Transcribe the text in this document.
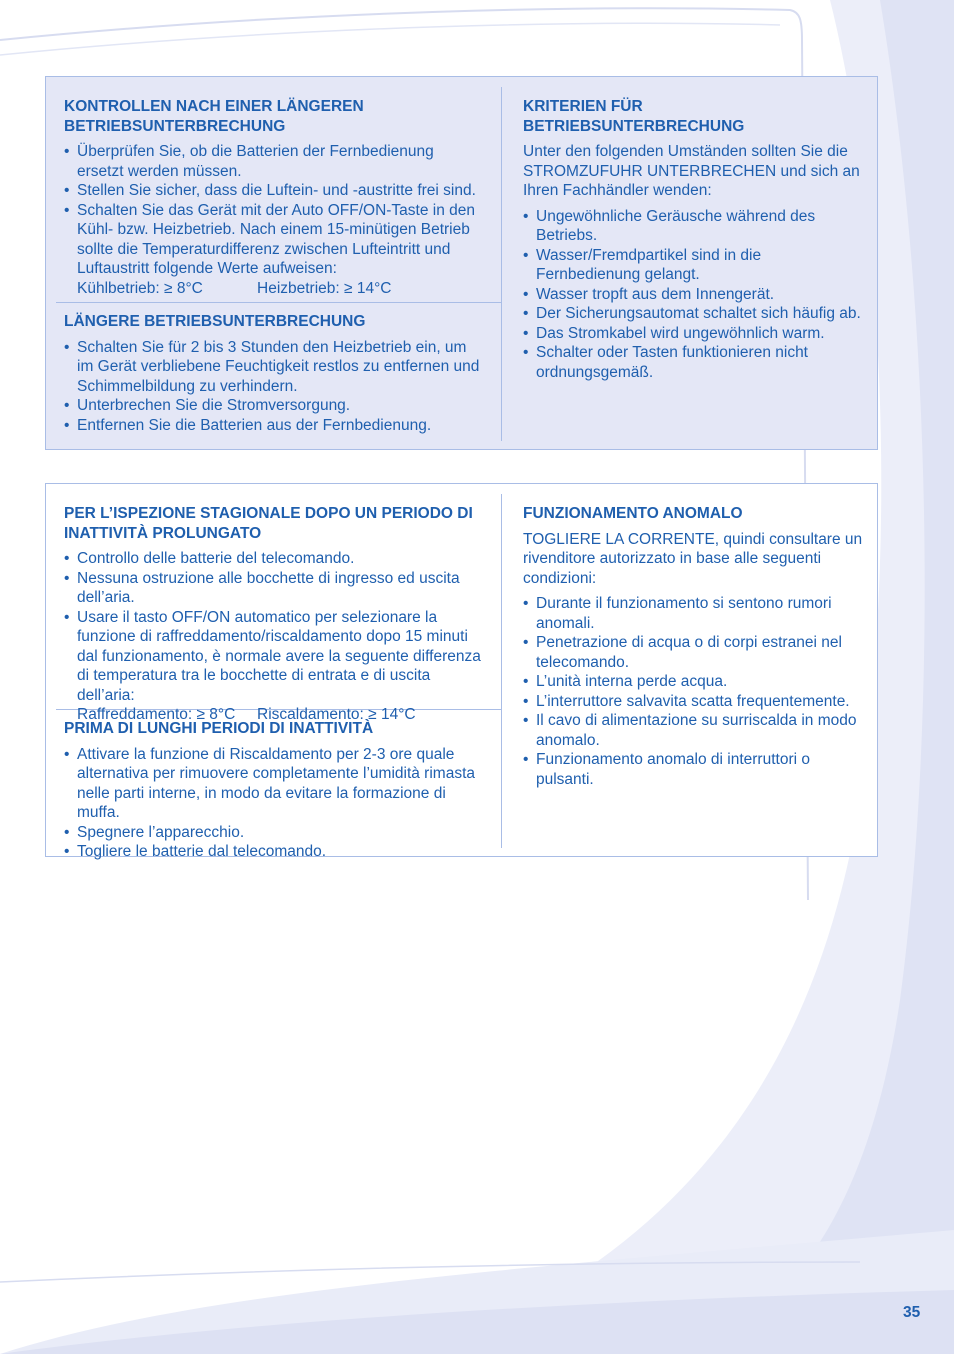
KONTROLLEN NACH EINER LÄNGEREN BETRIEBSUNTERBRECHUNG
• Überprüfen Sie, ob die Batterien der Fernbedienung ersetzt werden müssen.
• Stellen Sie sicher, dass die Luftein- und -austritte frei sind.
• Schalten Sie das Gerät mit der Auto OFF/ON-Taste in den Kühl- bzw. Heizbetrieb. Nach einem 15-minütigen Betrieb sollte die Temperaturdifferenz zwischen Lufteintritt und Luftaustritt folgende Werte aufweisen:
Kühlbetrieb: ≥ 8°C	Heizbetrieb: ≥ 14°C
LÄNGERE BETRIEBSUNTERBRECHUNG
• Schalten Sie für 2 bis 3 Stunden den Heizbetrieb ein, um im Gerät verbliebene Feuchtigkeit restlos zu entfernen und Schimmelbildung zu verhindern.
• Unterbrechen Sie die Stromversorgung.
• Entfernen Sie die Batterien aus der Fernbedienung.
KRITERIEN FÜR BETRIEBSUNTERBRECHUNG
Unter den folgenden Umständen sollten Sie die STROMZUFUHR UNTERBRECHEN und sich an Ihren Fachhändler wenden:
• Ungewöhnliche Geräusche während des Betriebs.
• Wasser/Fremdpartikel sind in die Fernbedienung gelangt.
• Wasser tropft aus dem Innengerät.
• Der Sicherungsautomat schaltet sich häufig ab.
• Das Stromkabel wird ungewöhnlich warm.
• Schalter oder Tasten funktionieren nicht ordnungsgemäß.
PER L’ISPEZIONE STAGIONALE DOPO UN PERIODO DI INATTIVITÀ PROLUNGATO
• Controllo delle batterie del telecomando.
• Nessuna ostruzione alle bocchette di ingresso ed uscita dell’aria.
• Usare il tasto OFF/ON automatico per selezionare la funzione di raffreddamento/riscaldamento dopo 15 minuti dal funzionamento, è normale avere la seguente differenza di temperatura tra le bocchette di entrata e di uscita dell’aria:
Raffreddamento: ≥ 8°C Riscaldamento: ≥ 14°C
PRIMA DI LUNGHI PERIODI DI INATTIVITÀ
• Attivare la funzione di Riscaldamento per 2-3 ore quale alternativa per rimuovere completamente l’umidità rimasta nelle parti interne, in modo da evitare la formazione di muffa.
• Spegnere l’apparecchio.
• Togliere le batterie dal telecomando.
FUNZIONAMENTO ANOMALO
TOGLIERE LA CORRENTE, quindi consultare un rivenditore autorizzato in base alle seguenti condizioni:
• Durante il funzionamento si sentono rumori anomali.
• Penetrazione di acqua o di corpi estranei nel telecomando.
• L’unità interna perde acqua.
• L’interruttore salvavita scatta frequentemente.
• Il cavo di alimentazione su surriscalda in modo anomalo.
• Funzionamento anomalo di interruttori o pulsanti.
35
